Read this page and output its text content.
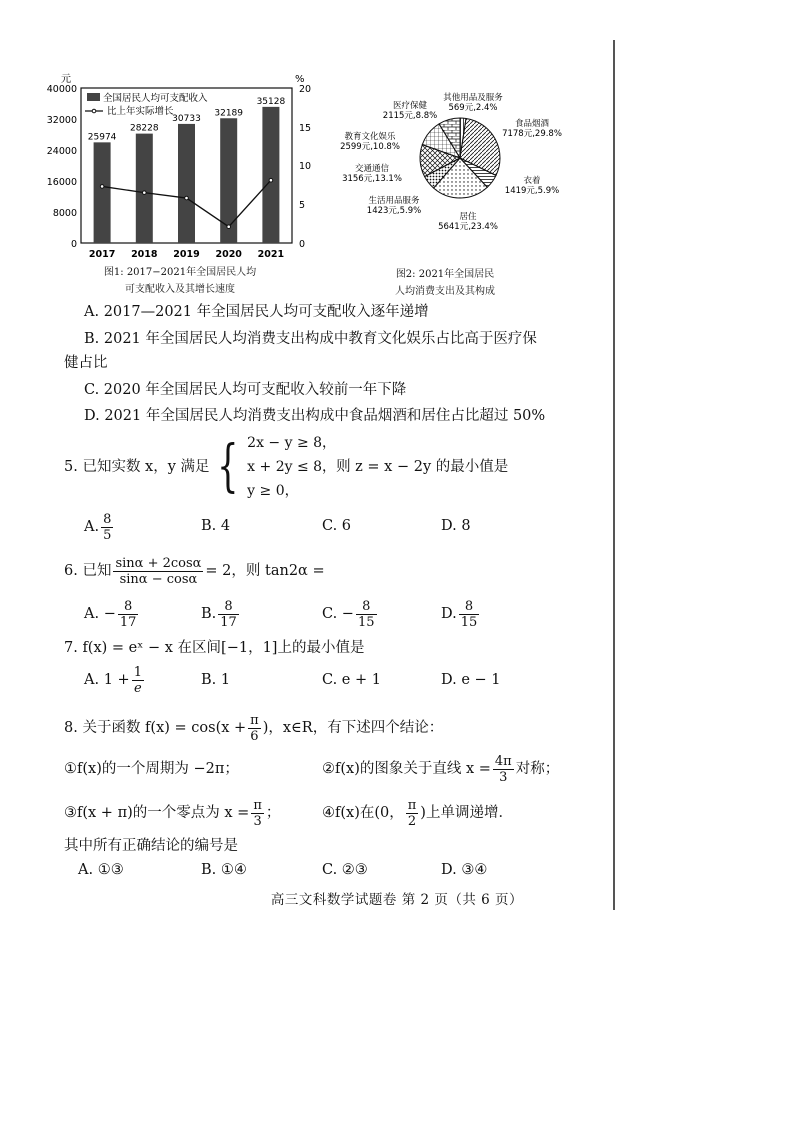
元	%
40000
32000
24000
16000
8000
0
20
15
10
5
0
25974
28228
30733
32189
35128
2017 2018 2019 2020 2021
全国居民人均可支配收入
比上年实际增长
图1: 2017−2021年全国居民人均
可支配收入及其增长速度
其他用品及服务
569元,2.4%
食品烟酒
7178元,29.8%
衣着
1419元,5.9%
居住
5641元,23.4%
生活用品服务
1423元,5.9%
交通通信
3156元,13.1%
教育文化娱乐
2599元,10.8%
医疗保健
2115元,8.8%
图2: 2021年全国居民
人均消费支出及其构成
A. 2017—2021 年全国居民人均可支配收入逐年递增
B. 2021 年全国居民人均消费支出构成中教育文化娱乐占比高于医疗保
健占比
C. 2020 年全国居民人均可支配收入较前一年下降
D. 2021 年全国居民人均消费支出构成中食品烟酒和居住占比超过 50%
5. 已知实数 x，y 满足 { 2x − y ≥ 8，
x + 2y ≤ 8，
y ≥ 0，
则 z = x − 2y 的最小值是
A. $\frac{8}{5}$	B. 4	C. 6	D. 8
6. 已知 $\frac{\sin\alpha + 2\cos\alpha}{\sin\alpha - \cos\alpha} = 2$，则 tan2α =
A. − $\frac{8}{17}$	B. $\frac{8}{17}$	C. − $\frac{8}{15}$	D. $\frac{8}{15}$
7. f(x) = eˣ − x 在区间[−1，1]上的最小值是
A. $1 + \frac{1}{e}$	B. 1	C. e + 1	D. e − 1
8. 关于函数 $f(x) = \cos(x + \frac{\pi}{6}$ )，x∈R，有下述四个结论：
①f(x)的一个周期为 −2π；	②f(x)的图象关于直线 $x = \frac{4\pi}{3}$ 对称；
③f(x + π)的一个零点为 $x = \frac{\pi}{3}$ ；	④f(x)在(0， $\frac{\pi}{2}$ )上单调递增．
其中所有正确结论的编号是
A. ①③	B. ①④	C. ②③	D. ③④
高三文科数学试题卷 第 2 页（共 6 页）
